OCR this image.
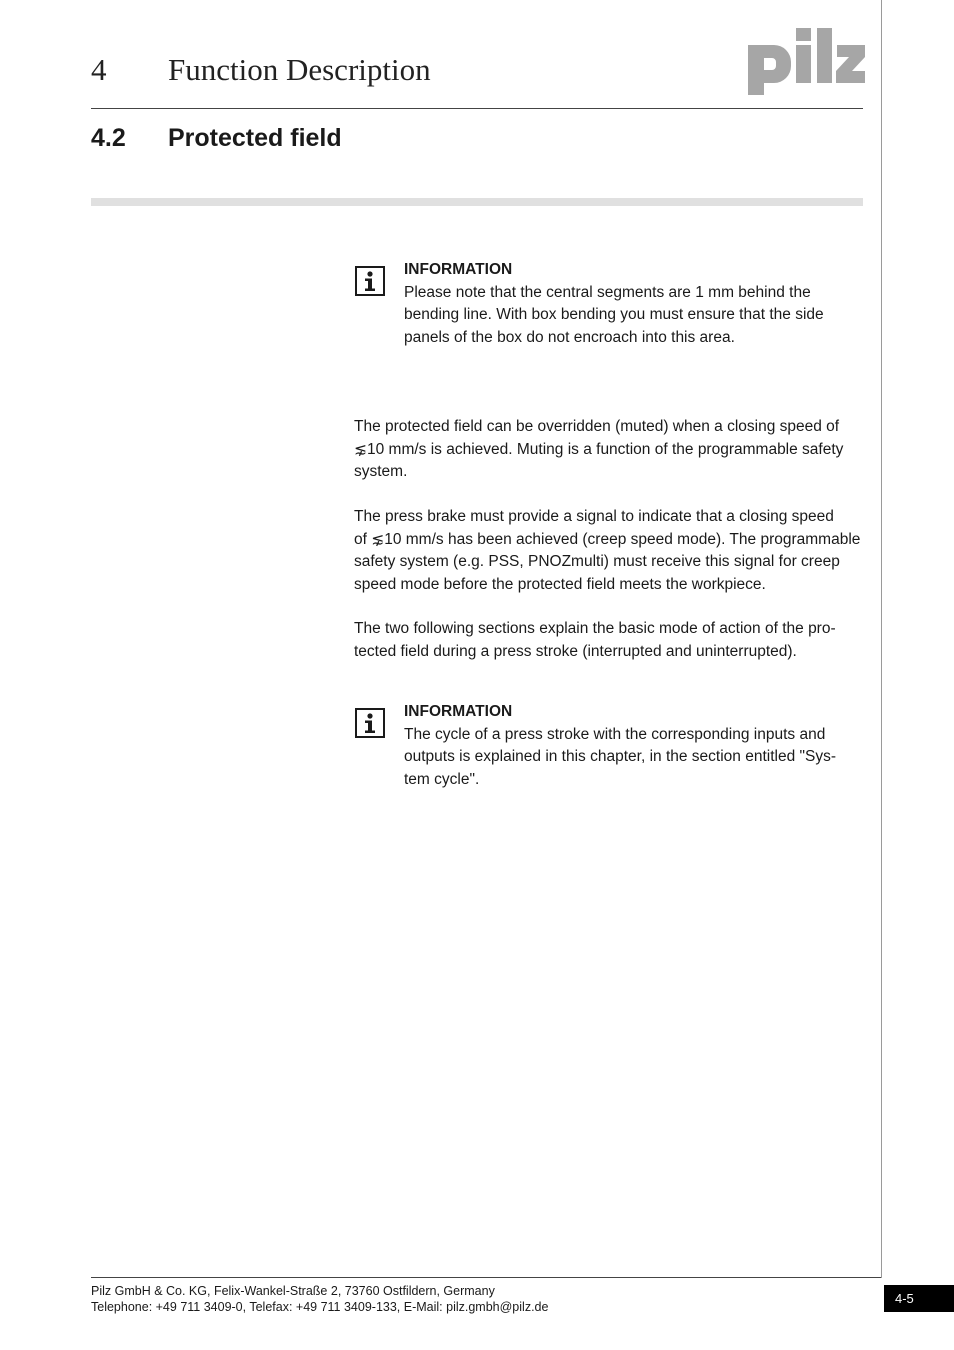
4 Function Description
4.2 Protected field
INFORMATION
Please note that the central segments are 1 mm behind the
bending line. With box bending you must ensure that the side
panels of the box do not encroach into this area.
The protected field can be overridden (muted) when a closing speed of
⋦10 mm/s is achieved. Muting is a function of the programmable safety
system.
The press brake must provide a signal to indicate that a closing speed
of ⋦10 mm/s has been achieved (creep speed mode). The programmable
safety system (e.g. PSS, PNOZmulti) must receive this signal for creep
speed mode before the protected field meets the workpiece.
The two following sections explain the basic mode of action of the pro-
tected field during a press stroke (interrupted and uninterrupted).
INFORMATION
The cycle of a press stroke with the corresponding inputs and
outputs is explained in this chapter, in the section entitled "Sys-
tem cycle".
Pilz GmbH & Co. KG, Felix-Wankel-Straße 2, 73760 Ostfildern, Germany
Telephone: +49 711 3409-0, Telefax: +49 711 3409-133, E-Mail: pilz.gmbh@pilz.de
4-5
